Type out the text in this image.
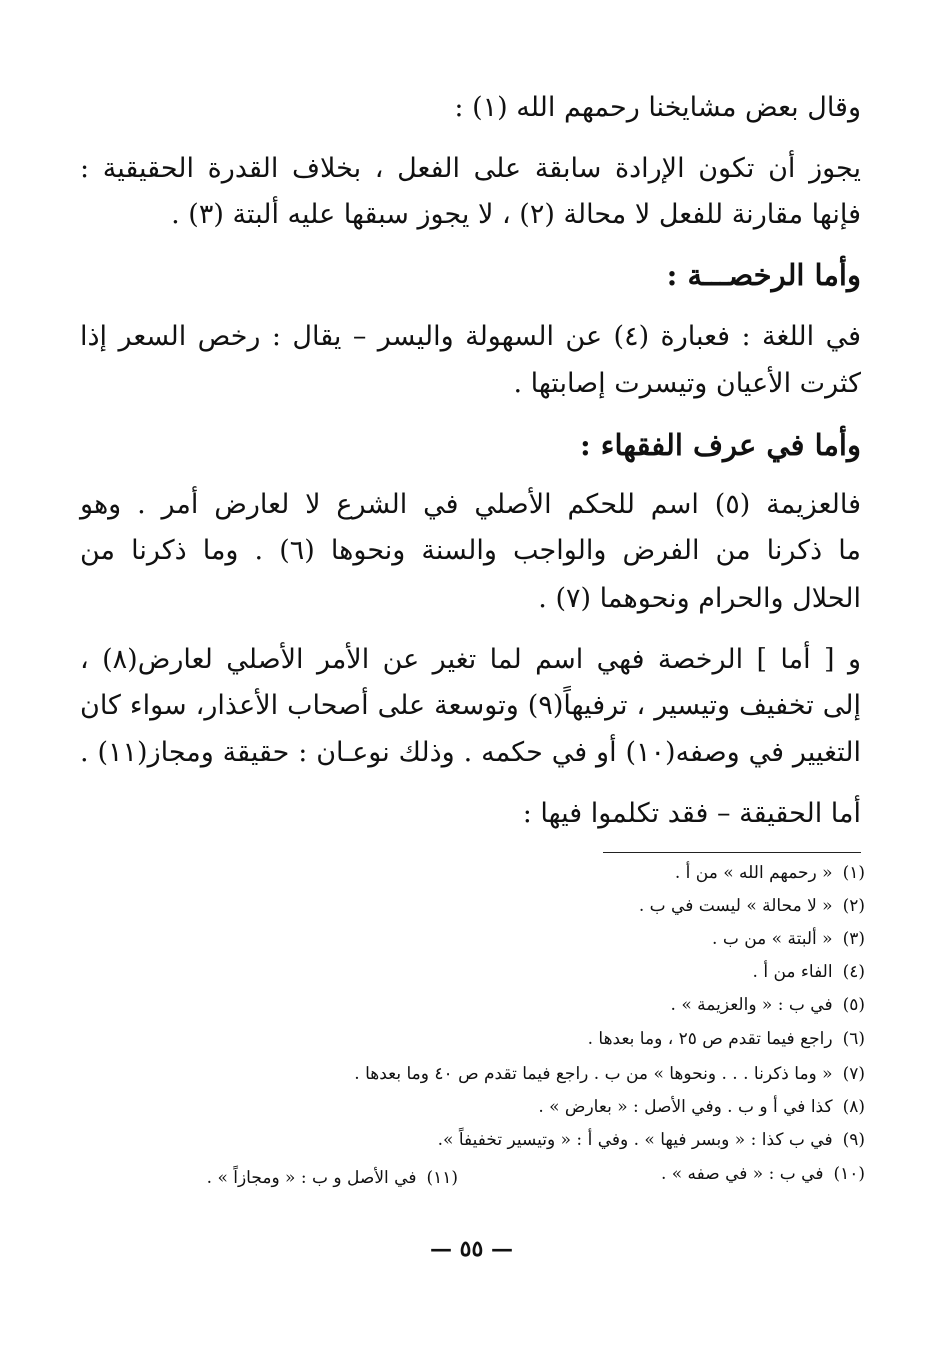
وقال بعض مشايخنا رحمهم الله (١) :
يجوز أن تكون الإرادة سابقة على الفعل ، بخلاف القدرة الحقيقية :
فإنها مقارنة للفعل لا محالة (٢) ، لا يجوز سبقها عليه ألبتة (٣) .
وأما الرخصـــة :
في اللغة : فعبارة (٤) عن السهولة واليسر – يقال : رخص السعر إذا
كثرت الأعيان وتيسرت إصابتها .
وأما في عرف الفقهاء :
فالعزيمة (٥) اسم للحكم الأصلي في الشرع لا لعارض أمر . وهو
ما ذكرنا من الفرض والواجب والسنة ونحوها (٦) . وما ذكرنا من
الحلال والحرام ونحوهما (٧) .
و [ أما ] الرخصة فهي اسم لما تغير عن الأمر الأصلي لعارض(٨) ،
إلى تخفيف وتيسير ، ترفيهاً(٩) وتوسعة على أصحاب الأعذار، سواء كان
التغيير في وصفه(١٠) أو في حكمه . وذلك نوعـان : حقيقة ومجاز(١١) .
أما الحقيقة – فقد تكلموا فيها :
(١)« رحمهم الله » من أ .
(٢)« لا محالة » ليست في ب .
(٣)« ألبتة » من ب .
(٤)الفاء من أ .
(٥)في ب : « والعزيمة » .
(٦)راجع فيما تقدم ص ٢٥ ، وما بعدها .
(٧)« وما ذكرنا . . . ونحوها » من ب . راجع فيما تقدم ص ٤٠ وما بعدها .
(٨)كذا في أ و ب . وفي الأصل : « بعارض » .
(٩)في ب كذا : « وبسر فيها » . وفي أ : « وتيسير تخفيفاً ».
(١٠)في ب : « في صفه » .
(١١)في الأصل و ب : « ومجازاً » .
— ٥٥ —
